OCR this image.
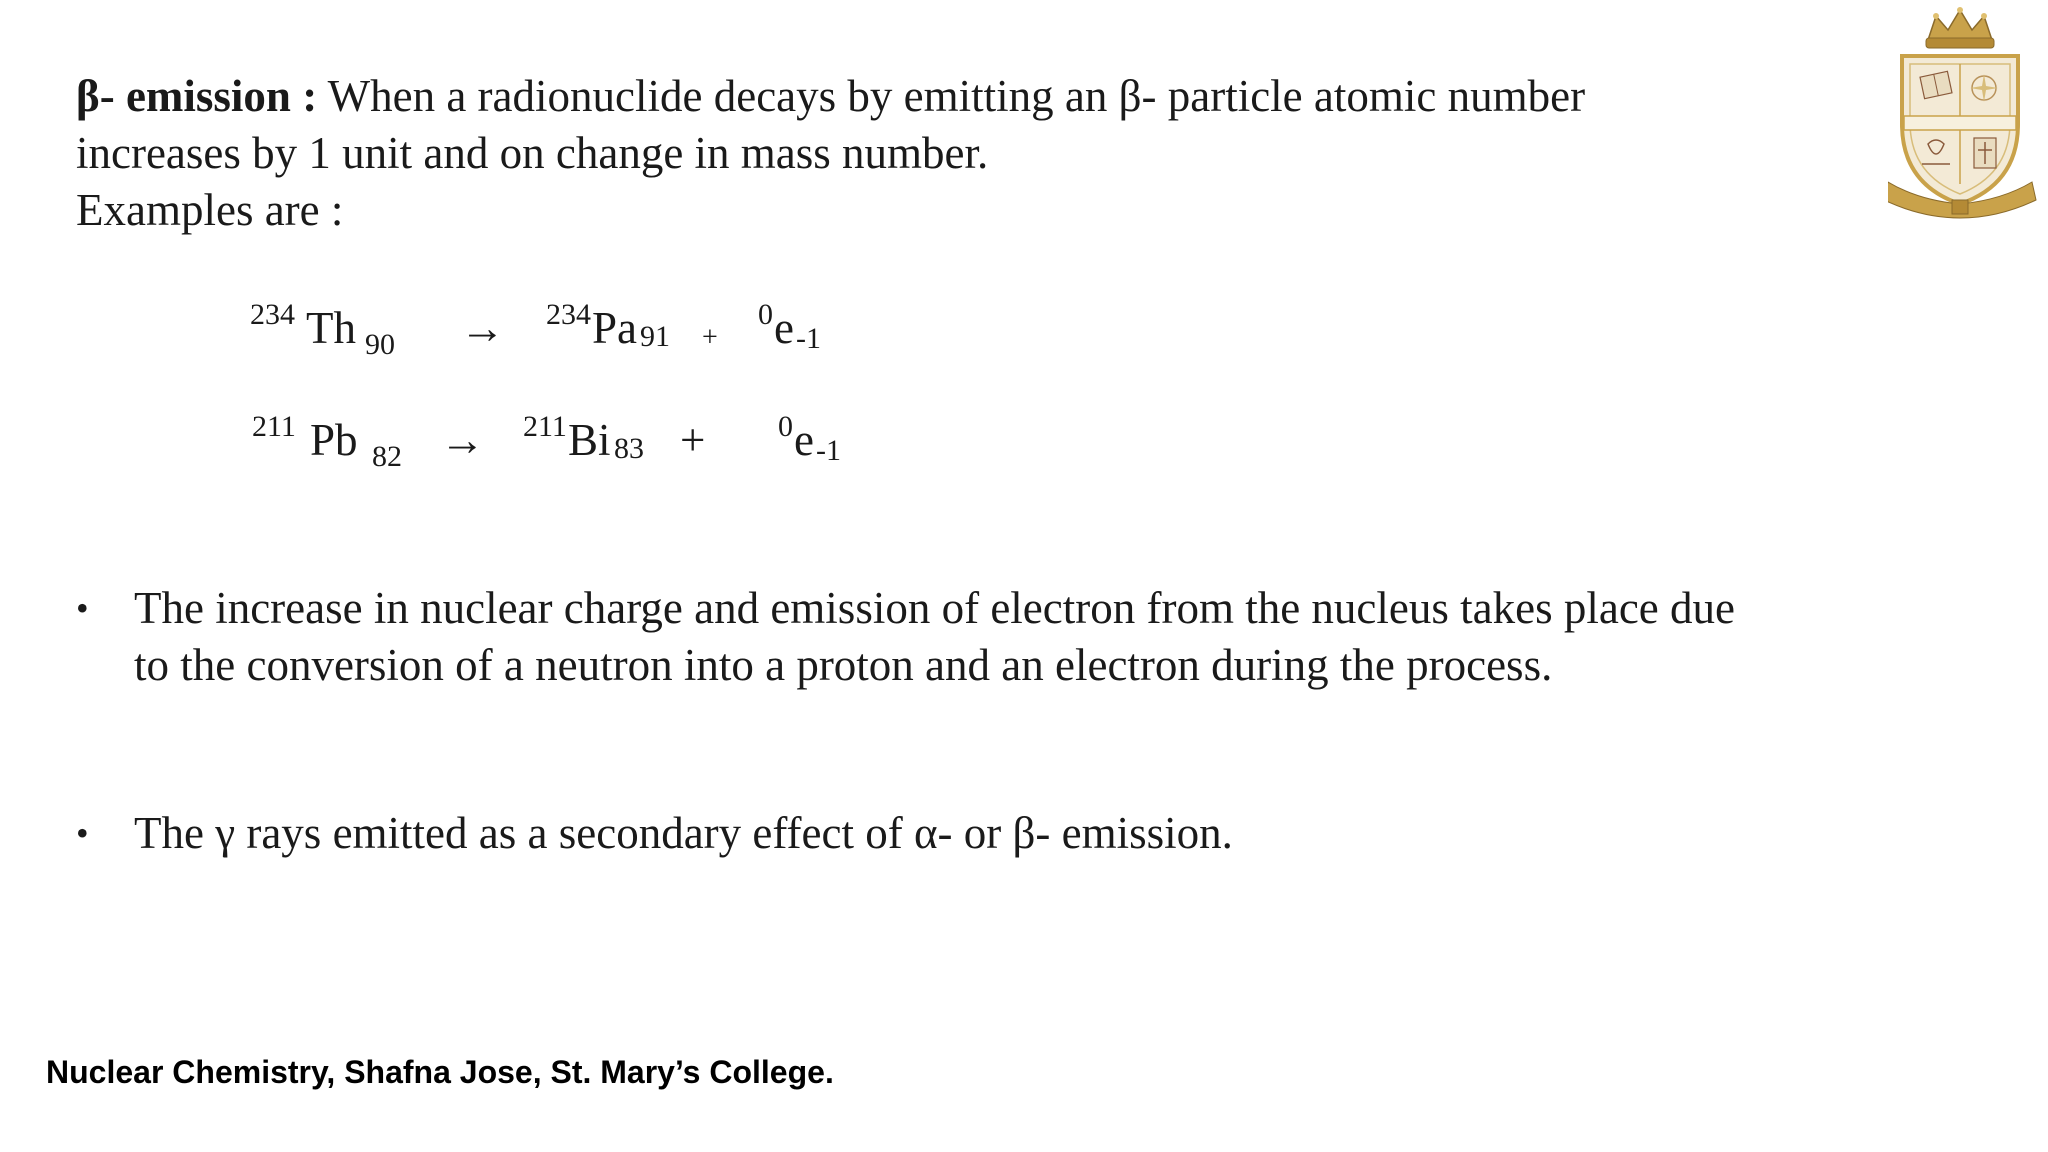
β- emission : When a radionuclide decays by emitting an β- particle atomic number increases by 1 unit and on change in mass number.

Examples are :

234 Th 90 → 234 Pa 91 +
0 e -1
211 Pb 82 → 211 Bi 83 + 0 e -1
• The increase in nuclear charge and emission of electron from the nucleus takes place due to the conversion of a neutron into a proton and an electron during the process.
• The γ rays emitted as a secondary effect of α- or β- emission.
Nuclear Chemistry, Shafna Jose, St. Mary’s College.
